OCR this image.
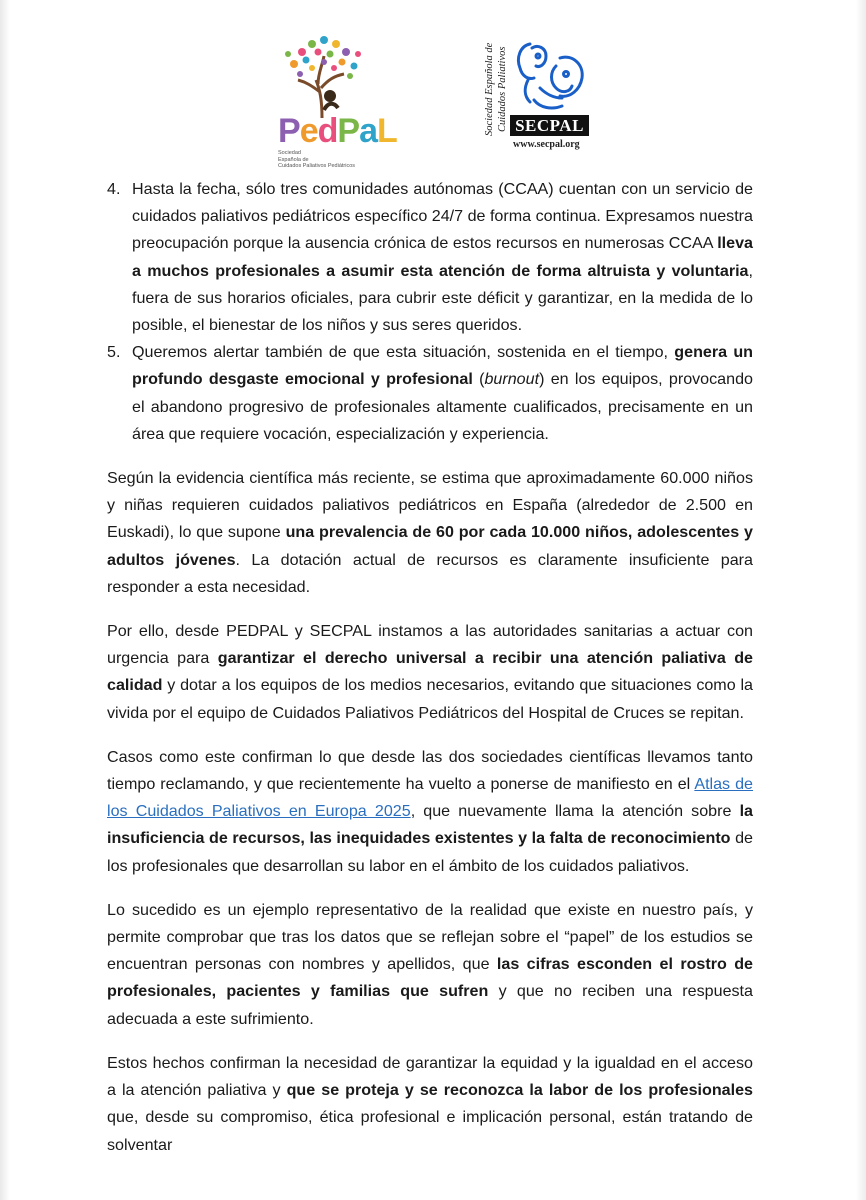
PedPaL
Sociedad
Española de
Cuidados Paliativos Pediátricos
Sociedad Española de Cuidados Paliativos SECPAL
www.secpal.org
4. Hasta la fecha, sólo tres comunidades autónomas (CCAA) cuentan con un servicio de cuidados paliativos pediátricos específico 24/7 de forma continua. Expresamos nuestra preocupación porque la ausencia crónica de estos recursos en numerosas CCAA lleva a muchos profesionales a asumir esta atención de forma altruista y voluntaria, fuera de sus horarios oficiales, para cubrir este déficit y garantizar, en la medida de lo posible, el bienestar de los niños y sus seres queridos.
5. Queremos alertar también de que esta situación, sostenida en el tiempo, genera un profundo desgaste emocional y profesional (burnout) en los equipos, provocando el abandono progresivo de profesionales altamente cualificados, precisamente en un área que requiere vocación, especialización y experiencia.

Según la evidencia científica más reciente, se estima que aproximadamente 60.000 niños y niñas requieren cuidados paliativos pediátricos en España (alrededor de 2.500 en Euskadi), lo que supone una prevalencia de 60 por cada 10.000 niños, adolescentes y adultos jóvenes. La dotación actual de recursos es claramente insuficiente para responder a esta necesidad.

Por ello, desde PEDPAL y SECPAL instamos a las autoridades sanitarias a actuar con urgencia para garantizar el derecho universal a recibir una atención paliativa de calidad y dotar a los equipos de los medios necesarios, evitando que situaciones como la vivida por el equipo de Cuidados Paliativos Pediátricos del Hospital de Cruces se repitan.

Casos como este confirman lo que desde las dos sociedades científicas llevamos tanto tiempo reclamando, y que recientemente ha vuelto a ponerse de manifiesto en el Atlas de los Cuidados Paliativos en Europa 2025, que nuevamente llama la atención sobre la insuficiencia de recursos, las inequidades existentes y la falta de reconocimiento de los profesionales que desarrollan su labor en el ámbito de los cuidados paliativos.

Lo sucedido es un ejemplo representativo de la realidad que existe en nuestro país, y permite comprobar que tras los datos que se reflejan sobre el “papel” de los estudios se encuentran personas con nombres y apellidos, que las cifras esconden el rostro de profesionales, pacientes y familias que sufren y que no reciben una respuesta adecuada a este sufrimiento.

Estos hechos confirman la necesidad de garantizar la equidad y la igualdad en el acceso a la atención paliativa y que se proteja y se reconozca la labor de los profesionales que, desde su compromiso, ética profesional e implicación personal, están tratando de solventar
